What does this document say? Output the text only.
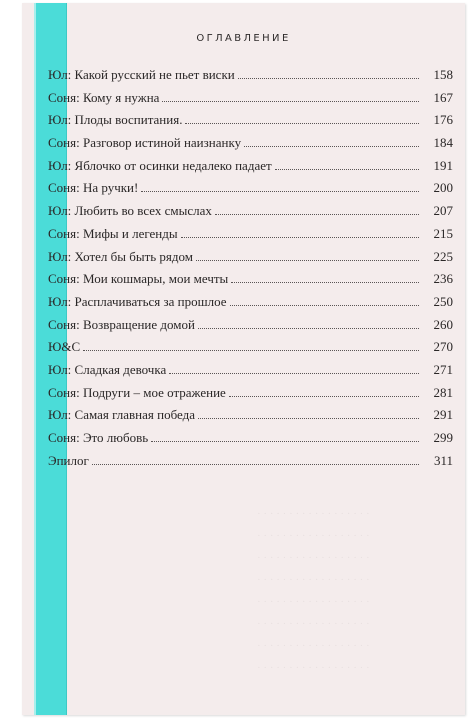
ОГЛАВЛЕНИЕ
Юл: Какой русский не пьет виски	158
Соня: Кому я нужна	167
Юл: Плоды воспитания.	176
Соня: Разговор истиной наизнанку	184
Юл: Яблочко от осинки недалеко падает	191
Соня: На ручки!	200
Юл: Любить во всех смыслах	207
Соня: Мифы и легенды	215
Юл: Хотел бы быть рядом	225
Соня: Мои кошмары, мои мечты	236
Юл: Расплачиваться за прошлое	250
Соня: Возвращение домой	260
Ю&С	270
Юл: Сладкая девочка	271
Соня: Подруги – мое отражение	281
Юл: Самая главная победа	291
Соня: Это любовь	299
Эпилог	311
· · · · · · · · · · · · · · · · · ·
· · · · · · · · · · · · · · · · · ·
· · · · · · · · · · · · · · · · · ·
· · · · · · · · · · · · · · · · · ·
· · · · · · · · · · · · · · · · · ·
· · · · · · · · · · · · · · · · · ·
· · · · · · · · · · · · · · · · · ·
· · · · · · · · · · · · · · · · · ·
